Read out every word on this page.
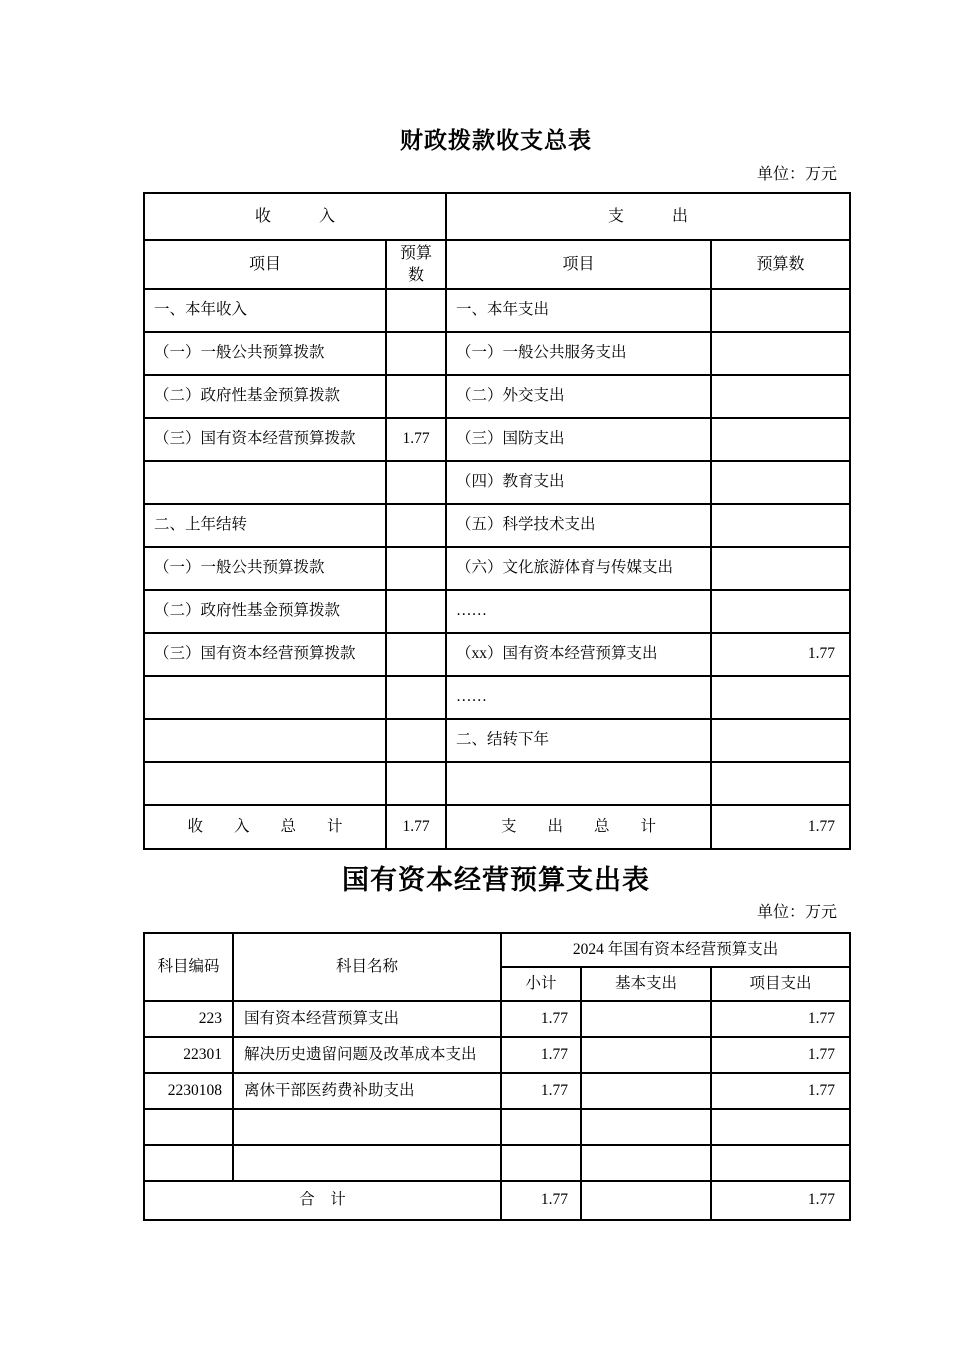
财政拨款收支总表
单位：万元
收　　　入		支　　　出	
项目	预算数	项目	预算数
一、本年收入		一、本年支出	
（一）一般公共预算拨款		（一）一般公共服务支出	
（二）政府性基金预算拨款		（二）外交支出	
（三）国有资本经营预算拨款	1.77	（三）国防支出	
		（四）教育支出	
二、上年结转		（五）科学技术支出	
（一）一般公共预算拨款		（六）文化旅游体育与传媒支出	
（二）政府性基金预算拨款		……	
（三）国有资本经营预算拨款		（xx）国有资本经营预算支出	1.77
		……	
		二、结转下年	

收　　入　　总　　计	1.77	支　　出　　总　　计	1.77
国有资本经营预算支出表
单位：万元
科目编码	科目名称	2024 年国有资本经营预算支出		
		小计	基本支出	项目支出
223	国有资本经营预算支出	1.77		1.77
22301	解决历史遗留问题及改革成本支出	1.77		1.77
2230108	离休干部医药费补助支出	1.77		1.77

合　计		1.77		1.77
